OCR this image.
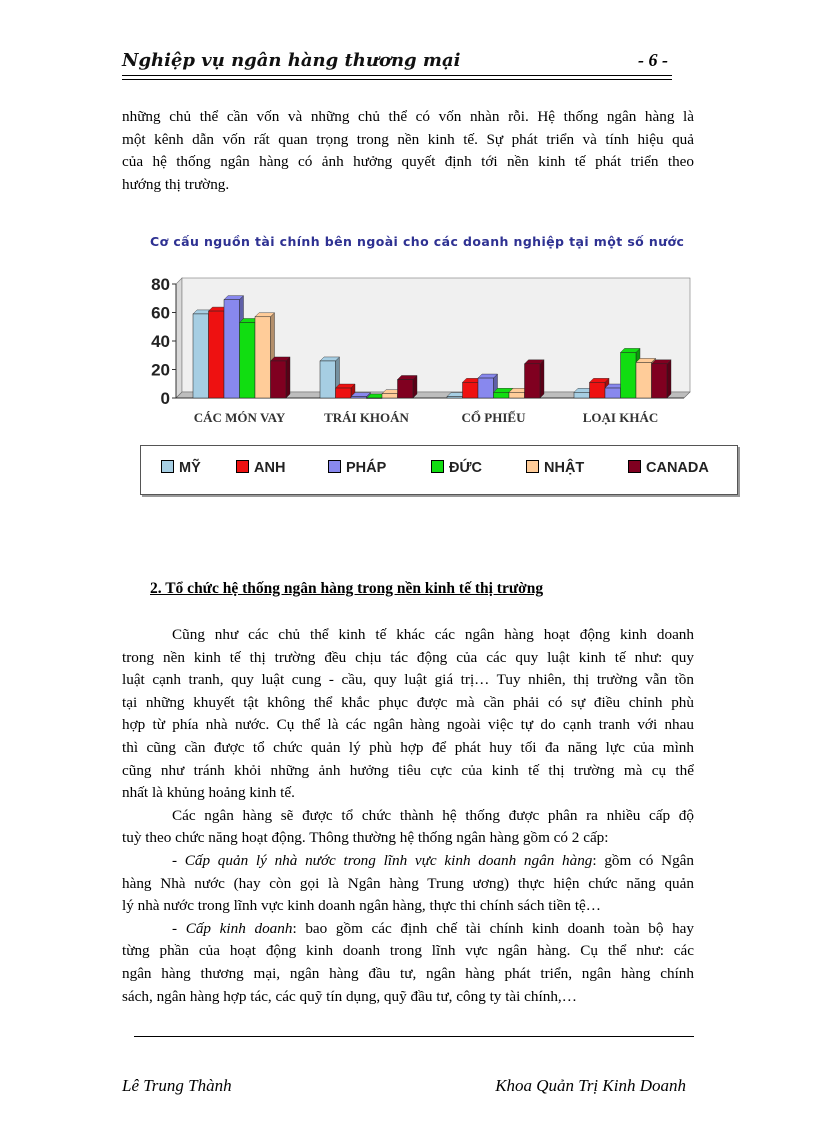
Nghiệp vụ ngân hàng thương mại	- 6 -
những chủ thể cần vốn và những chủ thể có vốn nhàn rỗi. Hệ thống ngân hàng là
một kênh dẫn vốn rất quan trọng trong nền kinh tế. Sự phát triển và tính hiệu quả
của hệ thống ngân hàng có ảnh hưởng quyết định tới nền kinh tế phát triển theo
hướng thị trường.
Cơ cấu nguồn tài chính bên ngoài cho các doanh nghiệp tại một số nước
0
20
40
60
80
CÁC MÓN VAY	TRÁI KHOÁN	CỔ PHIẾU	LOẠI KHÁC
MỸ	ANH	PHÁP	ĐỨC	NHẬT	CANADA
2. Tổ chức hệ thống ngân hàng trong nền kinh tế thị trường
Cũng như các chủ thể kinh tế khác các ngân hàng hoạt động kinh doanh
trong nền kinh tế thị trường đều chịu tác động của các quy luật kinh tế như: quy
luật cạnh tranh, quy luật cung - cầu, quy luật giá trị… Tuy nhiên, thị trường vẫn tồn
tại những khuyết tật không thể khắc phục được mà cần phải có sự điều chỉnh phù
hợp từ phía nhà nước. Cụ thể là các ngân hàng ngoài việc tự do cạnh tranh với nhau
thì cũng cần được tổ chức quản lý phù hợp để phát huy tối đa năng lực của mình
cũng như tránh khỏi những ảnh hưởng tiêu cực của kinh tế thị trường mà cụ thể
nhất là khủng hoảng kinh tế.
Các ngân hàng sẽ được tổ chức thành hệ thống được phân ra nhiều cấp độ
tuỳ theo chức năng hoạt động. Thông thường hệ thống ngân hàng gồm có 2 cấp:
- Cấp quản lý nhà nước trong lĩnh vực kinh doanh ngân hàng: gồm có Ngân
hàng Nhà nước (hay còn gọi là Ngân hàng Trung ương) thực hiện chức năng quản
lý nhà nước trong lĩnh vực kinh doanh ngân hàng, thực thi chính sách tiền tệ…
- Cấp kinh doanh: bao gồm các định chế tài chính kinh doanh toàn bộ hay
từng phần của hoạt động kinh doanh trong lĩnh vực ngân hàng. Cụ thể như: các
ngân hàng thương mại, ngân hàng đầu tư, ngân hàng phát triển, ngân hàng chính
sách, ngân hàng hợp tác, các quỹ tín dụng, quỹ đầu tư, công ty tài chính,…
Lê Trung Thành	Khoa Quản Trị Kinh Doanh
